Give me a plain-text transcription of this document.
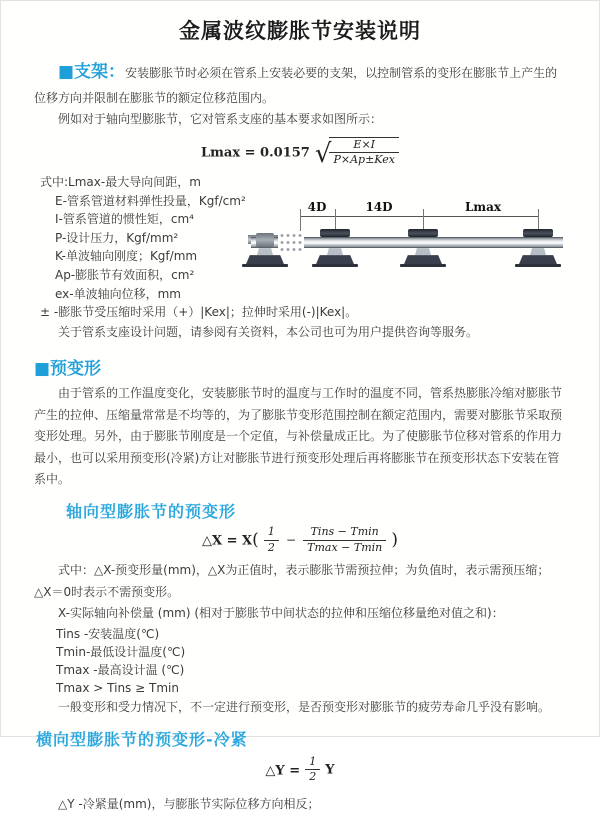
金属波纹膨胀节安装说明

■支架：安装膨胀节时必须在管系上安装必要的支架，以控制管系的变形在膨胀节上产生的位移方向并限制在膨胀节的额定位移范围内。

例如对于轴向型膨胀节，它对管系支座的基本要求如图所示：

Lmax = 0.0157 √
$\frac{E\times I}{\text{P×Ap±Kex}}$
式中:Lmax-最大导向间距，m
E-管系管道材料弹性投量，Kgf/cm²
I-管系管道的惯性矩，cm⁴
P-设计压力，Kgf/mm²
K-单波轴向刚度；Kgf/mm
Ap-膨胀节有效面积，cm²
ex-单波轴向位移，mm
4D	14D	Lmax
± -膨胀节受压缩时采用（+）|Kex|；拉伸时采用(-)|Kex|。

关于管系支座设计问题，请参阅有关资料，本公司也可为用户提供咨询等服务。

■预变形

由于管系的工作温度变化，安装膨胀节时的温度与工作时的温度不同，管系热膨胀冷缩对膨胀节产生的拉伸、压缩量常常是不均等的，为了膨胀节变形范围控制在额定范围内，需要对膨胀节采取预变形处理。另外，由于膨胀节刚度是一个定值，与补偿量成正比。为了使膨胀节位移对管系的作用力最小，也可以采用预变形(冷紧)方让对膨胀节进行预变形处理后再将膨胀节在预变形状态下安装在管系中。

轴向型膨胀节的预变形
△X = $X( \frac{1}{2} - \frac{\text{Tins − Tmin}}{Tmax - Tmin}$ )

式中：△X-预变形量(mm)，△X为正值时，表示膨胀节需预拉伸；为负值时，表示需预压缩；△X＝0时表示不需预变形。

X-实际轴向补偿量 (mm) (相对于膨胀节中间状态的拉伸和压缩位移量绝对值之和)：

Tins -安装温度(℃)
Tmin-最低设计温度(℃)
Tmax -最高设计温 (℃)
Tmax > Tins ≥ Tmin

一般变形和受力情况下，不一定进行预变形，是否预变形对膨胀节的疲劳寿命几乎没有影响。

横向型膨胀节的预变形-冷紧
△Y = $\frac{1}{2}$ Y

△Y -冷紧量(mm)，与膨胀节实际位移方向相反；
